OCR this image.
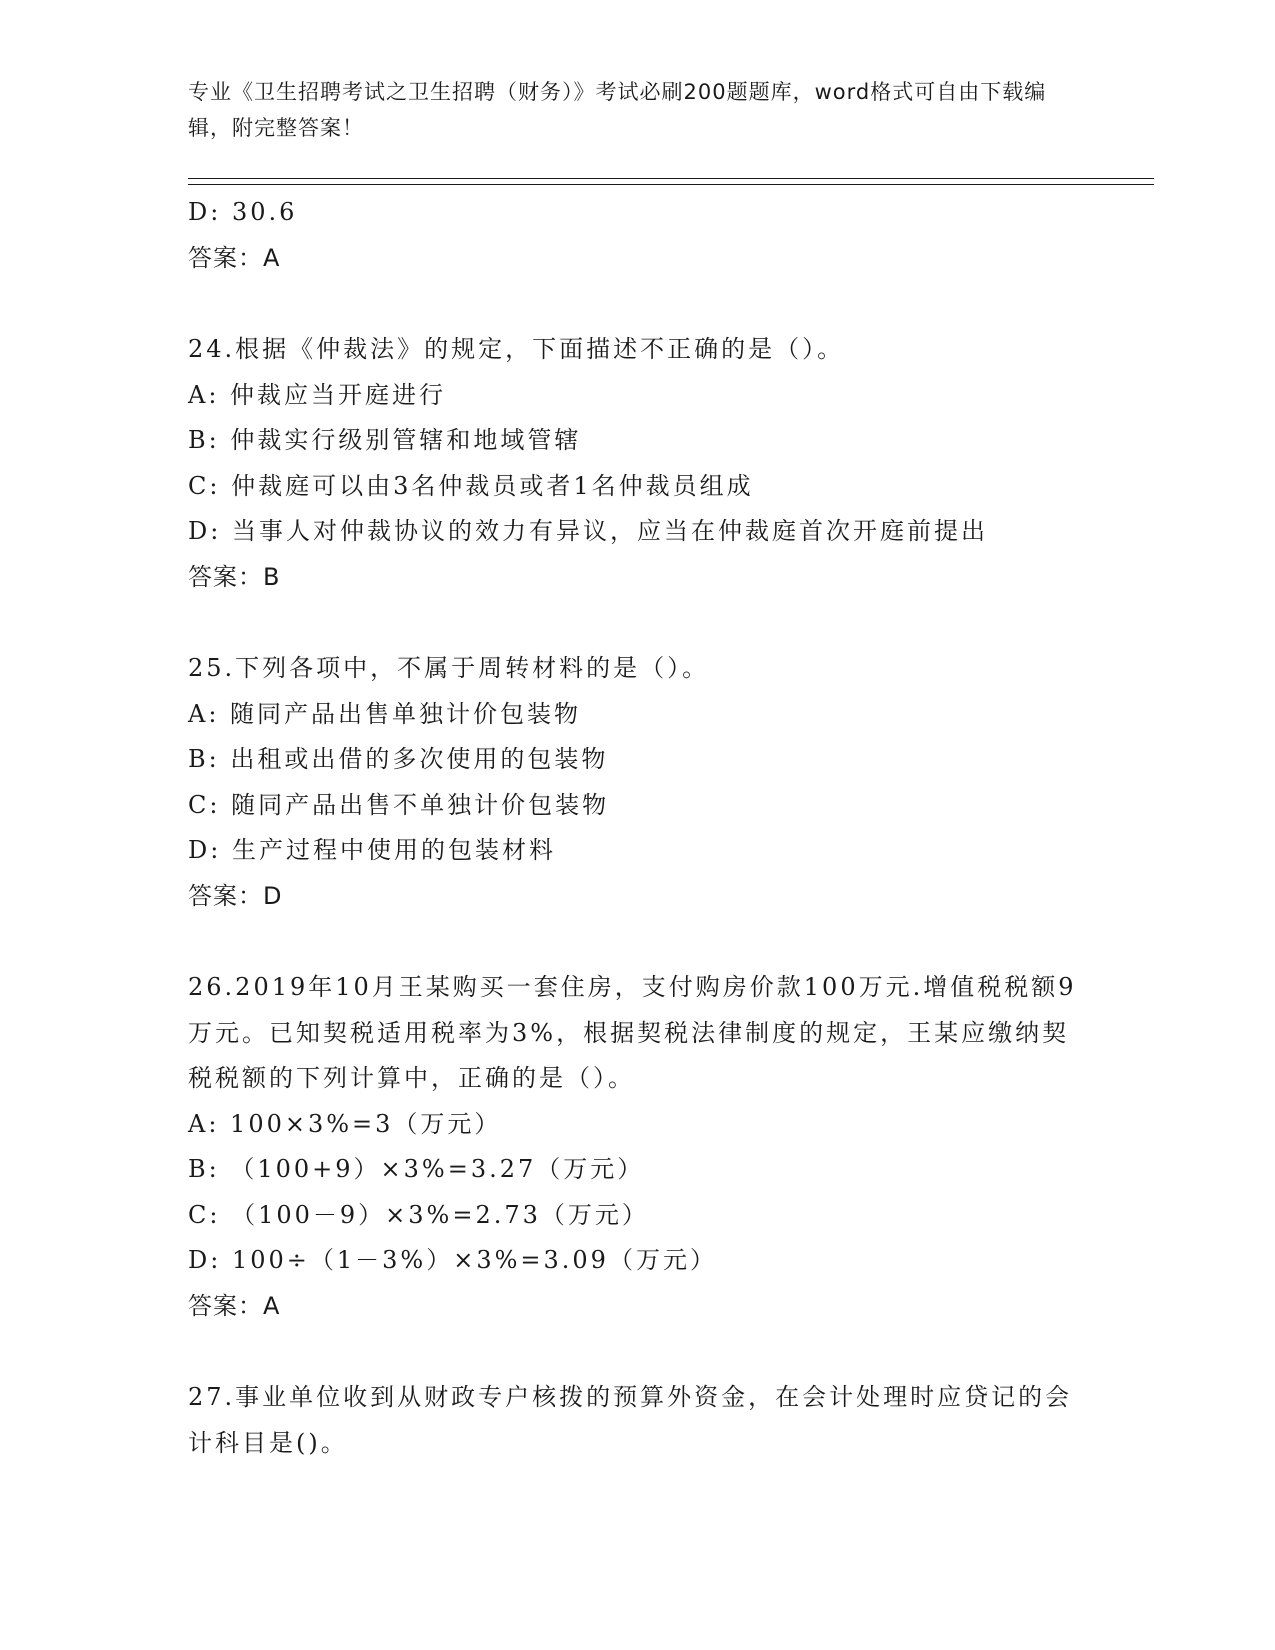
专业《卫生招聘考试之卫生招聘（财务）》考试必刷200题题库，word格式可自由下载编辑，附完整答案！
D: 30.6
答案：A
24.根据《仲裁法》的规定，下面描述不正确的是（）。
A: 仲裁应当开庭进行
B: 仲裁实行级别管辖和地域管辖
C: 仲裁庭可以由3名仲裁员或者1名仲裁员组成
D: 当事人对仲裁协议的效力有异议，应当在仲裁庭首次开庭前提出
答案：B
25.下列各项中，不属于周转材料的是（）。
A: 随同产品出售单独计价包装物
B: 出租或出借的多次使用的包装物
C: 随同产品出售不单独计价包装物
D: 生产过程中使用的包装材料
答案：D
26.2019年10月王某购买一套住房，支付购房价款100万元.增值税税额9万元。已知契税适用税率为3%，根据契税法律制度的规定，王某应缴纳契税税额的下列计算中，正确的是（）。
A: 100×3%=3（万元）
B: （100+9）×3%=3.27（万元）
C: （100－9）×3%=2.73（万元）
D: 100÷（1－3%）×3%=3.09（万元）
答案：A
27.事业单位收到从财政专户核拨的预算外资金，在会计处理时应贷记的会计科目是()。
